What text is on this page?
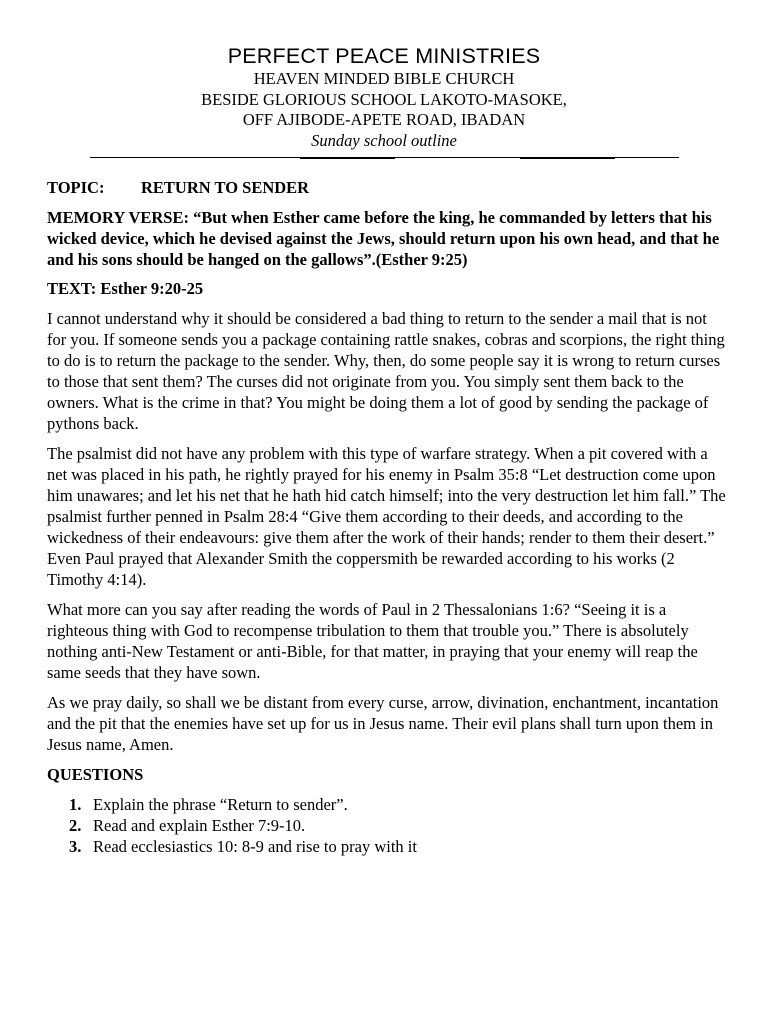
PERFECT PEACE MINISTRIES
HEAVEN MINDED BIBLE CHURCH
BESIDE GLORIOUS SCHOOL LAKOTO-MASOKE,
OFF AJIBODE-APETE ROAD, IBADAN
Sunday school outline

TOPIC: RETURN TO SENDER

MEMORY VERSE: “But when Esther came before the king, he commanded by letters that his wicked device, which he devised against the Jews, should return upon his own head, and that he and his sons should be hanged on the gallows”.(Esther 9:25)

TEXT: Esther 9:20-25

I cannot understand why it should be considered a bad thing to return to the sender a mail that is not for you. If someone sends you a package containing rattle snakes, cobras and scorpions, the right thing to do is to return the package to the sender. Why, then, do some people say it is wrong to return curses to those that sent them? The curses did not originate from you. You simply sent them back to the owners. What is the crime in that? You might be doing them a lot of good by sending the package of pythons back.

The psalmist did not have any problem with this type of warfare strategy. When a pit covered with a net was placed in his path, he rightly prayed for his enemy in Psalm 35:8 “Let destruction come upon him unawares; and let his net that he hath hid catch himself; into the very destruction let him fall.” The psalmist further penned in Psalm 28:4 “Give them according to their deeds, and according to the wickedness of their endeavours: give them after the work of their hands; render to them their desert.” Even Paul prayed that Alexander Smith the coppersmith be rewarded according to his works (2 Timothy 4:14).

What more can you say after reading the words of Paul in 2 Thessalonians 1:6? “Seeing it is a righteous thing with God to recompense tribulation to them that trouble you.” There is absolutely nothing anti-New Testament or anti-Bible, for that matter, in praying that your enemy will reap the same seeds that they have sown.

As we pray daily, so shall we be distant from every curse, arrow, divination, enchantment, incantation and the pit that the enemies have set up for us in Jesus name. Their evil plans shall turn upon them in Jesus name, Amen.

QUESTIONS

1. Explain the phrase “Return to sender”.
2. Read and explain Esther 7:9-10.
3. Read ecclesiastics 10: 8-9 and rise to pray with it
